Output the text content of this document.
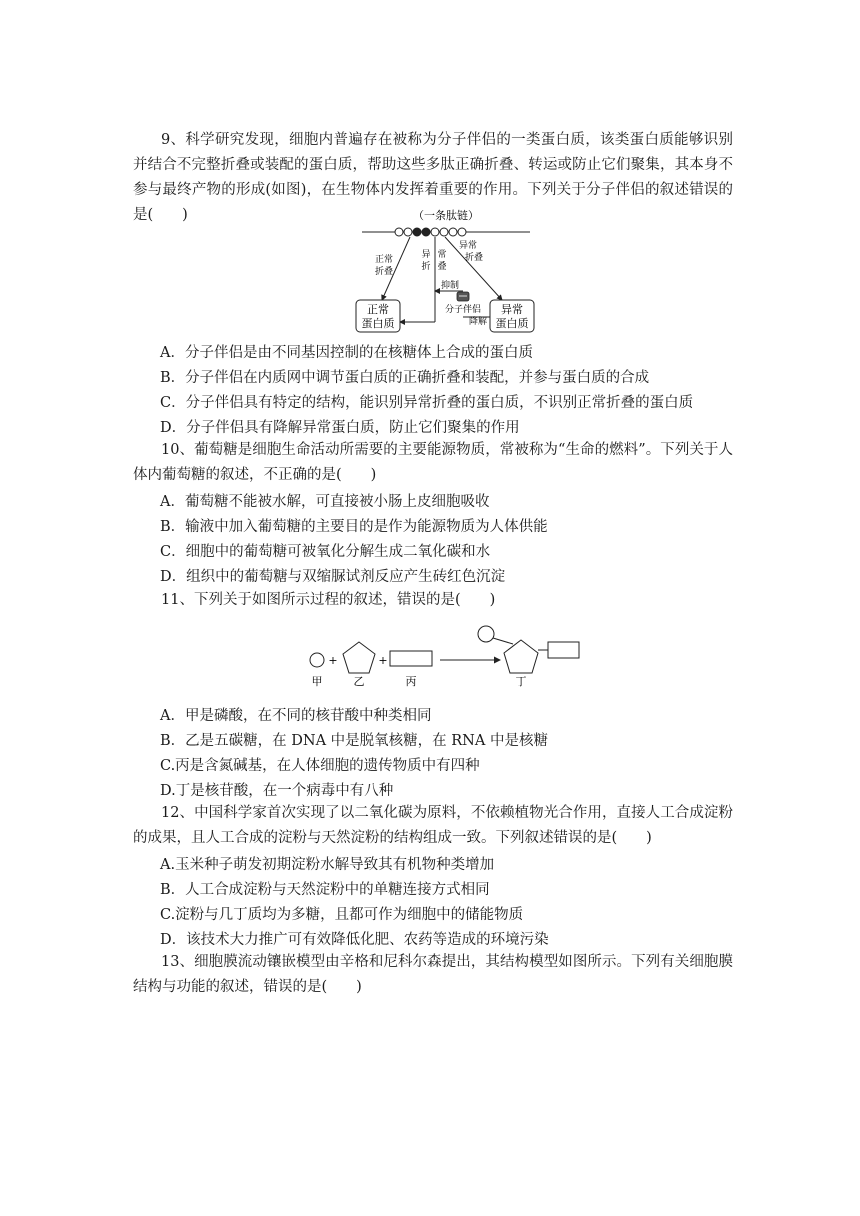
9、科学研究发现，细胞内普遍存在被称为分子伴侣的一类蛋白质，该类蛋白质能够识别并结合不完整折叠或装配的蛋白质，帮助这些多肽正确折叠、转运或防止它们聚集，其本身不参与最终产物的形成(如图)，在生物体内发挥着重要的作用。下列关于分子伴侣的叙述错误的是(　　)	（一条肽链）
正常
折叠
异 常
折 叠
异常
折叠
抑制
分子伴侣
降解
正常
蛋白质
异常
蛋白质
A．分子伴侣是由不同基因控制的在核糖体上合成的蛋白质
B．分子伴侣在内质网中调节蛋白质的正确折叠和装配，并参与蛋白质的合成
C．分子伴侣具有特定的结构，能识别异常折叠的蛋白质，不识别正常折叠的蛋白质
D．分子伴侣具有降解异常蛋白质，防止它们聚集的作用

10、葡萄糖是细胞生命活动所需要的主要能源物质，常被称为“生命的燃料”。下列关于人体内葡萄糖的叙述，不正确的是(　　)

A．葡萄糖不能被水解，可直接被小肠上皮细胞吸收
B．输液中加入葡萄糖的主要目的是作为能源物质为人体供能
C．细胞中的葡萄糖可被氧化分解生成二氧化碳和水
D．组织中的葡萄糖与双缩脲试剂反应产生砖红色沉淀

11、下列关于如图所示过程的叙述，错误的是(　　)

+	+
甲	乙	丙	丁
A．甲是磷酸，在不同的核苷酸中种类相同
B．乙是五碳糖，在 DNA 中是脱氧核糖，在 RNA 中是核糖
C.丙是含氮碱基，在人体细胞的遗传物质中有四种
D.丁是核苷酸，在一个病毒中有八种

12、中国科学家首次实现了以二氧化碳为原料，不依赖植物光合作用，直接人工合成淀粉的成果，且人工合成的淀粉与天然淀粉的结构组成一致。下列叙述错误的是(　　)

A.玉米种子萌发初期淀粉水解导致其有机物种类增加
B．人工合成淀粉与天然淀粉中的单糖连接方式相同
C.淀粉与几丁质均为多糖，且都可作为细胞中的储能物质
D．该技术大力推广可有效降低化肥、农药等造成的环境污染

13、细胞膜流动镶嵌模型由辛格和尼科尔森提出，其结构模型如图所示。下列有关细胞膜结构与功能的叙述，错误的是(　　)
